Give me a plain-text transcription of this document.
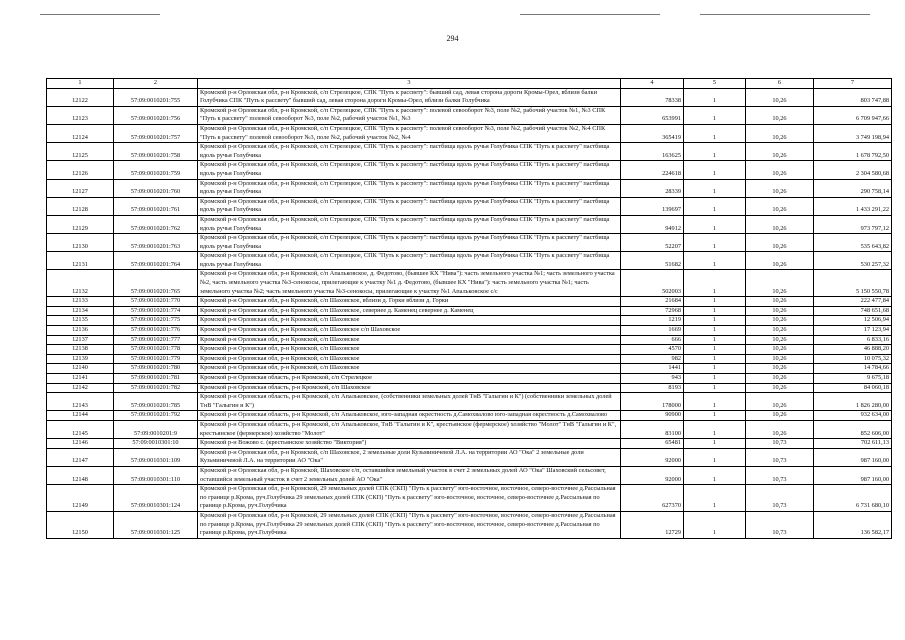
294
1	2	3	4	5	6	7
12122	57:09:0010201:755	Кромской р-н Орловская обл, р-н Кромской, с/п Стрелецкое, СПК "Путь к рассвету": бывший сад, левая сторона дороги Кромы-Орел, вблизи балки Голубчика СПК "Путь к рассвету" бывший сад, левая сторона дороги Кромы-Орел, вблизи балки Голубчика	78338	1	10,26	803 747,88
12123	57:09:0010201:756	Кромской р-н Орловская обл, р-н Кромской, с/п Стрелецкое, СПК "Путь к рассвету": полевой севооборот №3, поле №2, рабочий участок №1, №3 СПК "Путь к рассвету" полевой севооборот №3, поле №2, рабочий участок №1, №3	653991	1	10,26	6 709 947,66
12124	57:09:0010201:757	Кромской р-н Орловская обл, р-н Кромской, с/п Стрелецкое, СПК "Путь к рассвету": полевой севооборот №3, поле №2, рабочий участок №2, №4 СПК "Путь к рассвету" полевой севооборот №3, поле №2, рабочий участок №2, №4	365419	1	10,26	3 749 198,94
12125	57:09:0010201:758	Кромской р-н Орловская обл, р-н Кромской, с/п Стрелецкое, СПК "Путь к рассвету": пастбища вдоль ручья Голубчика СПК "Путь к рассвету" пастбища вдоль ручья Голубчика	163625	1	10,26	1 678 792,50
12126	57:09:0010201:759	Кромской р-н Орловская обл, р-н Кромской, с/п Стрелецкое, СПК "Путь к рассвету": пастбища вдоль ручья Голубчика СПК "Путь к рассвету" пастбища вдоль ручья Голубчика	224618	1	10,26	2 304 580,68
12127	57:09:0010201:760	Кромской р-н Орловская обл, р-н Кромской, с/п Стрелецкое, СПК "Путь к рассвету": пастбища вдоль ручья Голубчика СПК "Путь к рассвету" пастбища вдоль ручья Голубчика	28339	1	10,26	290 758,14
12128	57:09:0010201:761	Кромской р-н Орловская обл, р-н Кромской, с/п Стрелецкое, СПК "Путь к рассвету": пастбища вдоль ручья Голубчика СПК "Путь к рассвету" пастбища вдоль ручья Голубчика	139697	1	10,26	1 433 291,22
12129	57:09:0010201:762	Кромской р-н Орловская обл, р-н Кромской, с/п Стрелецкое, СПК "Путь к рассвету": пастбища вдоль ручья Голубчика СПК "Путь к рассвету" пастбища вдоль ручья Голубчика	94912	1	10,26	973 797,12
12130	57:09:0010201:763	Кромской р-н Орловская обл, р-н Кромской, с/п Стрелецкое, СПК "Путь к рассвету": пастбища вдоль ручья Голубчика СПК "Путь к рассвету" пастбища вдоль ручья Голубчика	52207	1	10,26	535 643,82
12131	57:09:0010201:764	Кромской р-н Орловская обл, р-н Кромской, с/п Стрелецкое, СПК "Путь к рассвету": пастбища вдоль ручья Голубчика СПК "Путь к рассвету" пастбища вдоль ручья Голубчика	51682	1	10,26	530 257,32
12132	57:09:0010201:765	Кромской р-н Орловская обл, р-н Кромской, с/п Апальковское, д. Федотово, (бывшее КХ "Нива"): часть земельного участка №1; часть земельного участка №2, часть земельного участка №3-сенокосы, прилегающие к участку №1 д. Федотово, (бывшее КХ "Нива"): часть земельного участка №1; часть земельного участка №2; часть земельного участка №3-сенокосы, прилегающие к участку №1 Апальковское с/с	502003	1	10,26	5 150 550,78
12133	57:09:0010201:770	Кромской р-н Орловская обл, р-н Кромской, с/п Шаховское, вблизи д. Горки вблизи д. Горки	21684	1	10,26	222 477,84
12134	57:09:0010201:774	Кромской р-н Орловская обл, р-н Кромской, с/п Шаховское, севернее д. Каменец севернее д. Каменец	72968	1	10,26	748 651,68
12135	57:09:0010201:775	Кромской р-н Орловская обл, р-н Кромской, с/п Шаховское	1219	1	10,26	12 506,94
12136	57:09:0010201:776	Кромской р-н Орловская обл, р-н Кромской, с/п Шаховское с/п Шаховское	1669	1	10,26	17 123,94
12137	57:09:0010201:777	Кромской р-н Орловская обл, р-н Кромской, с/п Шаховское	666	1	10,26	6 833,16
12138	57:09:0010201:778	Кромской р-н Орловская обл, р-н Кромской, с/п Шаховское	4570	1	10,26	46 888,20
12139	57:09:0010201:779	Кромской р-н Орловская обл, р-н Кромской, с/п Шаховское	982	1	10,26	10 075,32
12140	57:09:0010201:780	Кромской р-н Орловская обл, р-н Кромской, с/п Шаховское	1441	1	10,26	14 784,66
12141	57:09:0010201:781	Кромской р-н Орловская область, р-н Кромской, с/п Стрелецкое	943	1	10,26	9 675,18
12142	57:09:0010201:782	Кромской р-н Орловская область, р-н Кромской, с/п Шаховское	8193	1	10,26	84 060,18
12143	57:09:0010201:785	Кромской р-н Орловская область, р-н Кромской, с/п Апальковское, (собственники земельных долей ТнВ "Галыгин и К") (собственники земельных долей ТнВ "Галыгин и К")	178000	1	10,26	1 826 280,00
12144	57:09:0010201:792	Кромской р-н Орловская область, р-н Кромской, с/п Апальковское, юго-западная окрестность д.Самохвалово юго-западная окрестность д.Самохвалово	90900	1	10,26	932 634,00
12145	57:09:0010201:9	Кромской р-н Орловская область, р-н Кромской, с/п Апальковское, ТнВ "Галыгин и К", крестьянское (фермерское) хозяйство "Молот" ТнВ "Галыгин и К", крестьянское (фермерское) хозяйство "Молот"	83100	1	10,26	852 606,00
12146	57:09:0010301:10	Кромской р-н Вожово с. (крестьянское хозяйство "Виктория")	65481	1	10,73	702 611,13
12147	57:09:0010301:109	Кромской р-н Орловская обл, р-н Кромской, с/п Шаховское, 2 земельные доли Кузьминичевой Л.А. на территории АО "Ока" 2 земельные доли Кузьминичевой Л.А. на территории АО "Ока"	92000	1	10,73	987 160,00
12148	57:09:0010301:110	Кромской р-н Орловская обл, р-н Кромской, Шаховское с/п, оставшийся земельный участок в счет 2 земельных долей АО "Ока" Шаховский сельсовет, оставшийся земельный участок в счет 2 земельных долей АО "Ока"	92000	1	10,73	987 160,00
12149	57:09:0010301:124	Кромской р-н Орловская обл, р-н Кромской, 29 земельных долей СПК (СКП) "Путь к рассвету" юго-восточное, восточное, северо-восточнее д.Рассыльная по границе р.Крома, руч.Голубчика 29 земельных долей СПК (СКП) "Путь к рассвету" юго-восточное, восточное, северо-восточнее д.Рассыльная по границе р.Крома, руч.Голубчика	627370	1	10,73	6 731 680,10
12150	57:09:0010301:125	Кромской р-н Орловская обл, р-н Кромской, 29 земельных долей СПК (СКП) "Путь к рассвету" юго-восточное, восточное, северо-восточнее д.Рассыльная по границе р.Крома, руч.Голубчика 29 земельных долей СПК (СКП) "Путь к рассвету" юго-восточное, восточное, северо-восточнее д.Рассыльная по границе р.Крома, руч.Голубчика	12729	1	10,73	136 582,17
